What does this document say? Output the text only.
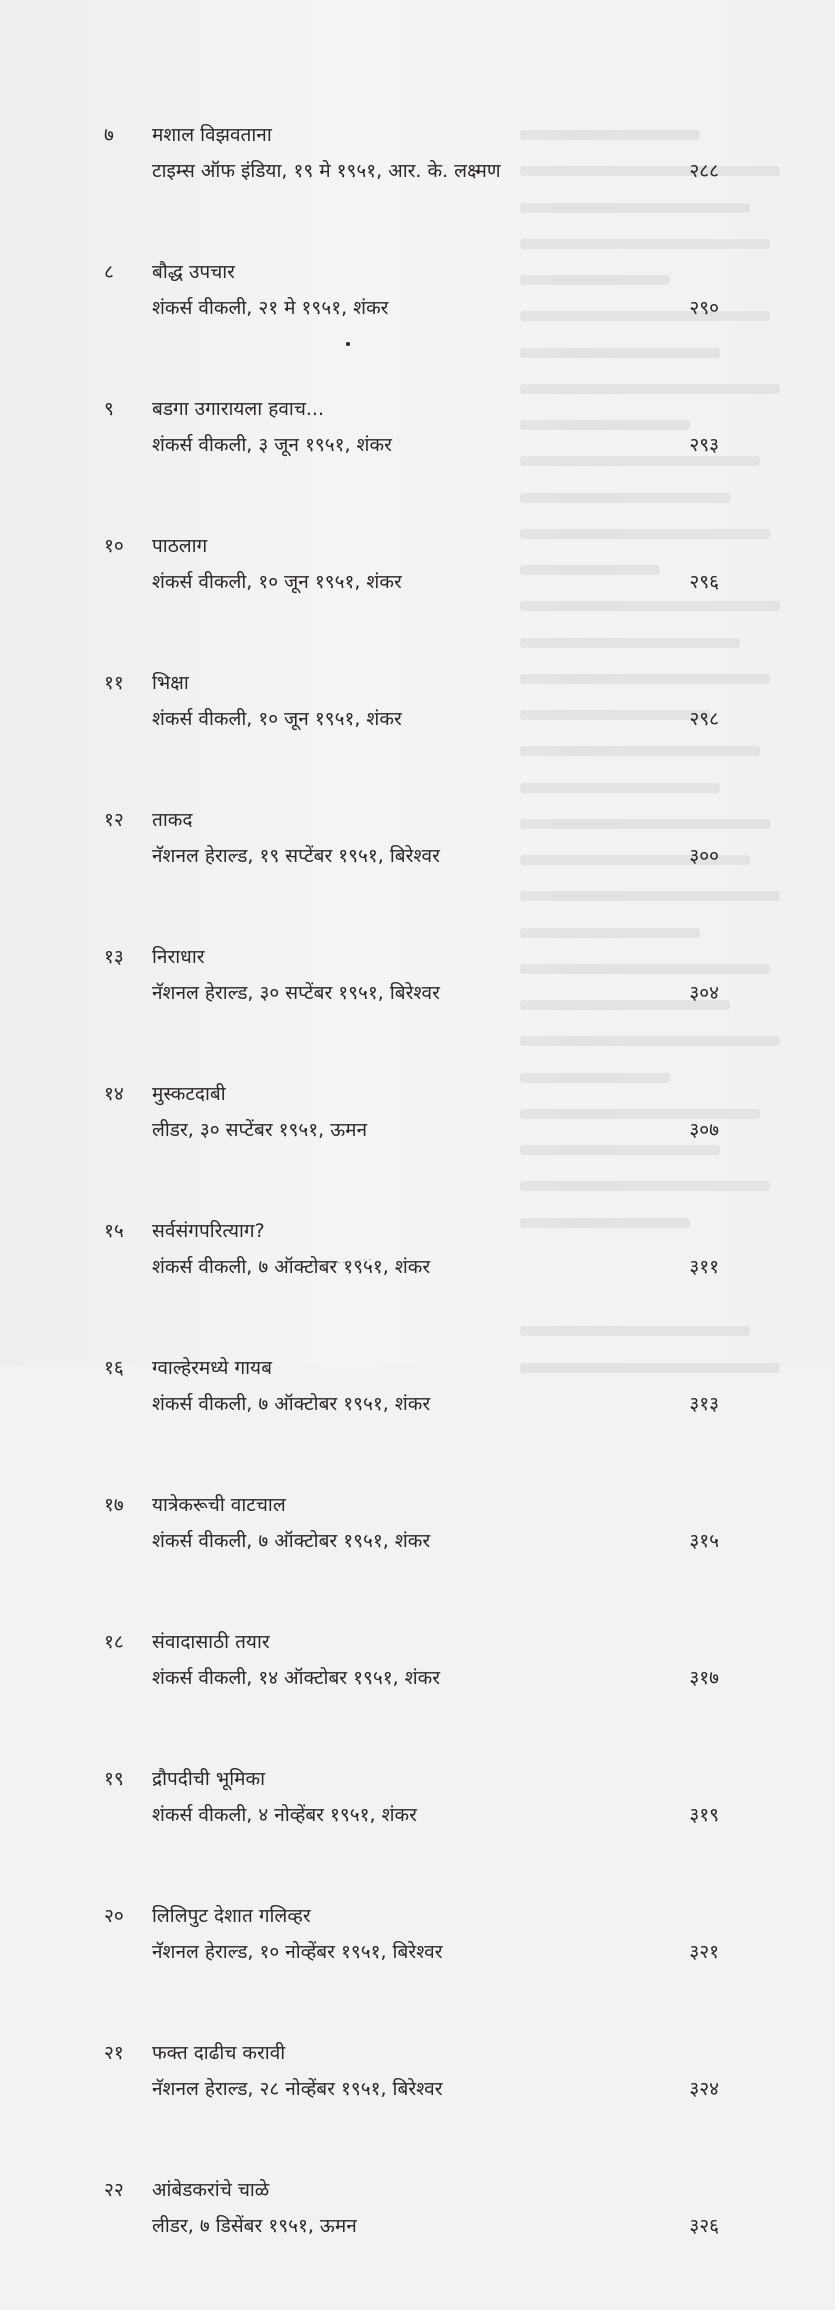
७	मशाल विझवताना
टाइम्स ऑफ इंडिया, १९ मे १९५१, आर. के. लक्ष्मण	२८८
८	बौद्ध उपचार
शंकर्स वीकली, २१ मे १९५१, शंकर	२९०
९	बडगा उगारायला हवाच...
शंकर्स वीकली, ३ जून १९५१, शंकर	२९३
१०	पाठलाग
शंकर्स वीकली, १० जून १९५१, शंकर	२९६
११	भिक्षा
शंकर्स वीकली, १० जून १९५१, शंकर	२९८
१२	ताकद
नॅशनल हेराल्ड, १९ सप्टेंबर १९५१, बिरेश्वर	३००
१३	निराधार
नॅशनल हेराल्ड, ३० सप्टेंबर १९५१, बिरेश्वर	३०४
१४	मुस्कटदाबी
लीडर, ३० सप्टेंबर १९५१, ऊमन	३०७
१५	सर्वसंगपरित्याग?
शंकर्स वीकली, ७ ऑक्टोबर १९५१, शंकर	३११
१६	ग्वाल्हेरमध्ये गायब
शंकर्स वीकली, ७ ऑक्टोबर १९५१, शंकर	३१३
१७	यात्रेकरूची वाटचाल
शंकर्स वीकली, ७ ऑक्टोबर १९५१, शंकर	३१५
१८	संवादासाठी तयार
शंकर्स वीकली, १४ ऑक्टोबर १९५१, शंकर	३१७
१९	द्रौपदीची भूमिका
शंकर्स वीकली, ४ नोव्हेंबर १९५१, शंकर	३१९
२०	लिलिपुट देशात गलिव्हर
नॅशनल हेराल्ड, १० नोव्हेंबर १९५१, बिरेश्वर	३२१
२१	फक्त दाढीच करावी
नॅशनल हेराल्ड, २८ नोव्हेंबर १९५१, बिरेश्वर	३२४
२२	आंबेडकरांचे चाळे
लीडर, ७ डिसेंबर १९५१, ऊमन	३२६
